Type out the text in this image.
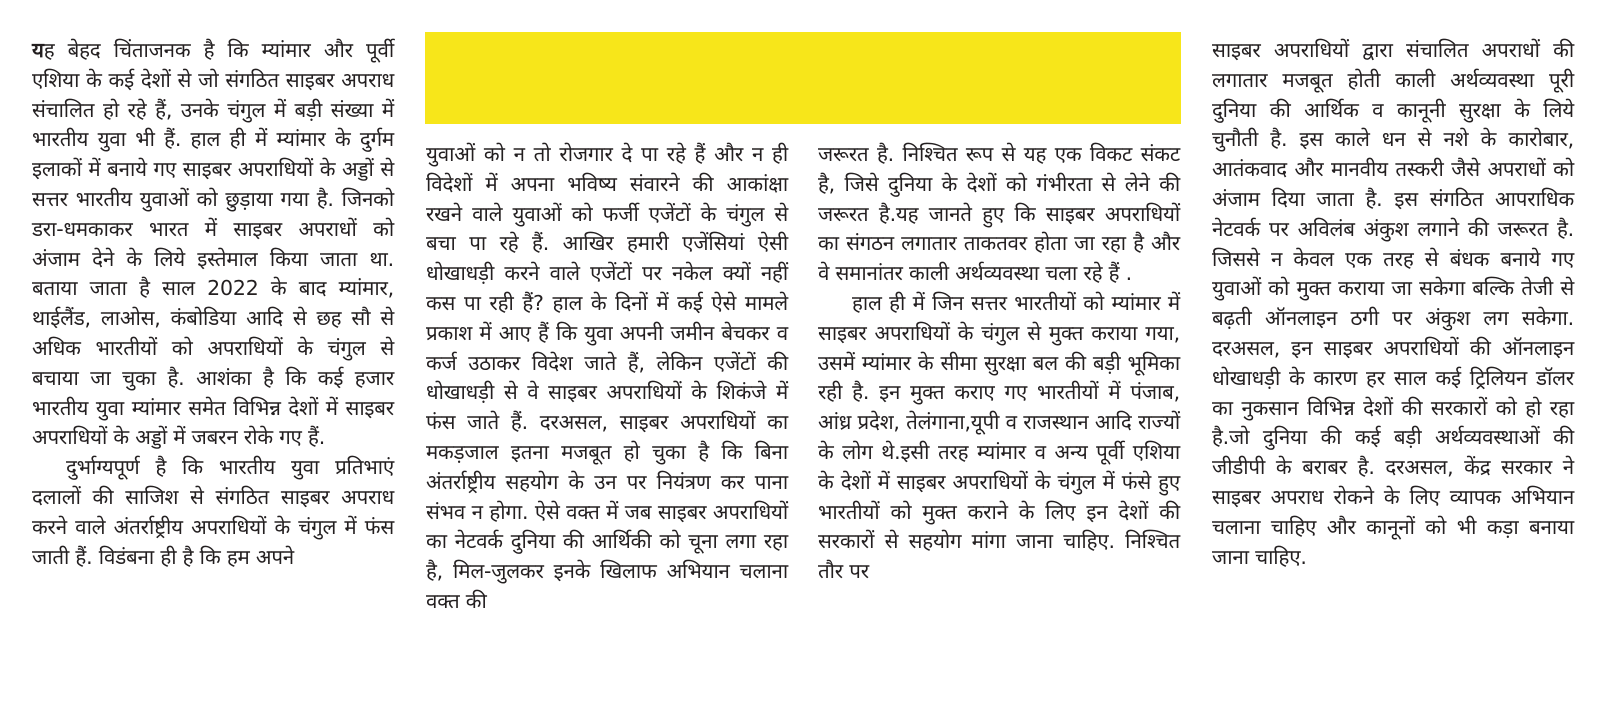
यह बेहद चिंताजनक है कि म्यांमार और पूर्वी एशिया के कई देशों से जो संगठित साइबर अपराध संचालित हो रहे हैं, उनके चंगुल में बड़ी संख्या में भारतीय युवा भी हैं. हाल ही में म्यांमार के दुर्गम इलाकों में बनाये गए साइबर अपराधियों के अड्डों से सत्तर भारतीय युवाओं को छुड़ाया गया है. जिनको डरा-धमकाकर भारत में साइबर अपराधों को अंजाम देने के लिये इस्तेमाल किया जाता था. बताया जाता है साल 2022 के बाद म्यांमार, थाईलैंड, लाओस, कंबोडिया आदि से छह सौ से अधिक भारतीयों को अपराधियों के चंगुल से बचाया जा चुका है. आशंका है कि कई हजार भारतीय युवा म्यांमार समेत विभिन्न देशों में साइबर अपराधियों के अड्डों में जबरन रोके गए हैं.

दुर्भाग्यपूर्ण है कि भारतीय युवा प्रतिभाएं दलालों की साजिश से संगठित साइबर अपराध करने वाले अंतर्राष्ट्रीय अपराधियों के चंगुल में फंस जाती हैं. विडंबना ही है कि हम अपने

युवाओं को न तो रोजगार दे पा रहे हैं और न ही विदेशों में अपना भविष्य संवारने की आकांक्षा रखने वाले युवाओं को फर्जी एजेंटों के चंगुल से बचा पा रहे हैं. आखिर हमारी एजेंसियां ऐसी धोखाधड़ी करने वाले एजेंटों पर नकेल क्यों नहीं कस पा रही हैं? हाल के दिनों में कई ऐसे मामले प्रकाश में आए हैं कि युवा अपनी जमीन बेचकर व कर्ज उठाकर विदेश जाते हैं, लेकिन एजेंटों की धोखाधड़ी से वे साइबर अपराधियों के शिकंजे में फंस जाते हैं. दरअसल, साइबर अपराधियों का मकड़जाल इतना मजबूत हो चुका है कि बिना अंतर्राष्ट्रीय सहयोग के उन पर नियंत्रण कर पाना संभव न होगा. ऐसे वक्त में जब साइबर अपराधियों का नेटवर्क दुनिया की आर्थिकी को चूना लगा रहा है, मिल-जुलकर इनके खिलाफ अभियान चलाना वक्त की

जरूरत है. निश्चित रूप से यह एक विकट संकट है, जिसे दुनिया के देशों को गंभीरता से लेने की जरूरत है.यह जानते हुए कि साइबर अपराधियों का संगठन लगातार ताकतवर होता जा रहा है और वे समानांतर काली अर्थव्यवस्था चला रहे हैं .

हाल ही में जिन सत्तर भारतीयों को म्यांमार में साइबर अपराधियों के चंगुल से मुक्त कराया गया, उसमें म्यांमार के सीमा सुरक्षा बल की बड़ी भूमिका रही है. इन मुक्त कराए गए भारतीयों में पंजाब, आंध्र प्रदेश, तेलंगाना,यूपी व राजस्थान आदि राज्यों के लोग थे.इसी तरह म्यांमार व अन्य पूर्वी एशिया के देशों में साइबर अपराधियों के चंगुल में फंसे हुए भारतीयों को मुक्त कराने के लिए इन देशों की सरकारों से सहयोग मांगा जाना चाहिए. निश्चित तौर पर

साइबर अपराधियों द्वारा संचालित अपराधों की लगातार मजबूत होती काली अर्थव्यवस्था पूरी दुनिया की आर्थिक व कानूनी सुरक्षा के लिये चुनौती है. इस काले धन से नशे के कारोबार, आतंकवाद और मानवीय तस्करी जैसे अपराधों को अंजाम दिया जाता है. इस संगठित आपराधिक नेटवर्क पर अविलंब अंकुश लगाने की जरूरत है. जिससे न केवल एक तरह से बंधक बनाये गए युवाओं को मुक्त कराया जा सकेगा बल्कि तेजी से बढ़ती ऑनलाइन ठगी पर अंकुश लग सकेगा. दरअसल, इन साइबर अपराधियों की ऑनलाइन धोखाधड़ी के कारण हर साल कई ट्रिलियन डॉलर का नुकसान विभिन्न देशों की सरकारों को हो रहा है.जो दुनिया की कई बड़ी अर्थव्यवस्थाओं की जीडीपी के बराबर है. दरअसल, केंद्र सरकार ने साइबर अपराध रोकने के लिए व्यापक अभियान चलाना चाहिए और कानूनों को भी कड़ा बनाया जाना चाहिए.
